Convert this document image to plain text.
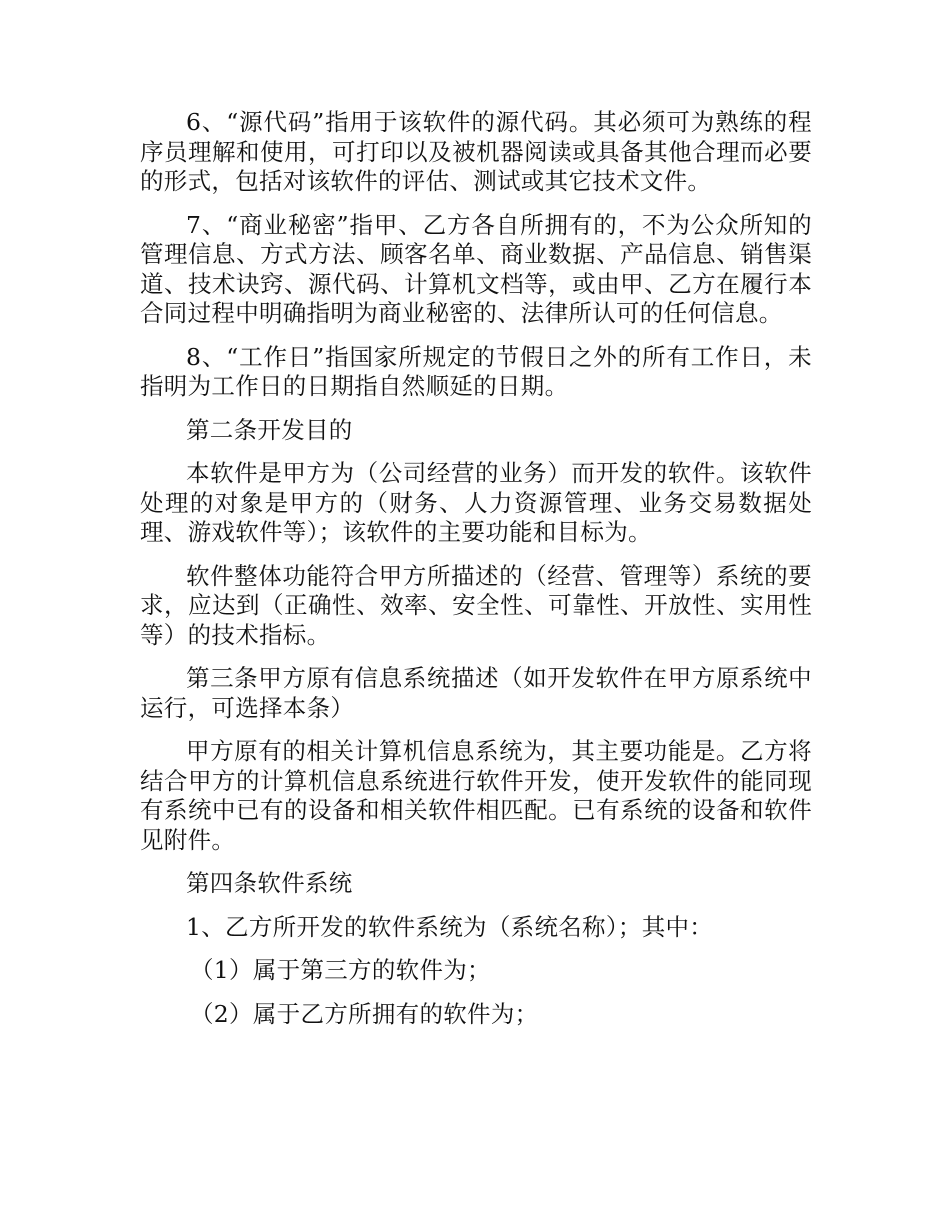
6、“源代码”指用于该软件的源代码。其必须可为熟练的程序员理解和使用，可打印以及被机器阅读或具备其他合理而必要的形式，包括对该软件的评估、测试或其它技术文件。

7、“商业秘密”指甲、乙方各自所拥有的，不为公众所知的管理信息、方式方法、顾客名单、商业数据、产品信息、销售渠道、技术诀窍、源代码、计算机文档等，或由甲、乙方在履行本合同过程中明确指明为商业秘密的、法律所认可的任何信息。

8、“工作日”指国家所规定的节假日之外的所有工作日，未指明为工作日的日期指自然顺延的日期。

第二条开发目的

本软件是甲方为（公司经营的业务）而开发的软件。该软件处理的对象是甲方的（财务、人力资源管理、业务交易数据处理、游戏软件等）；该软件的主要功能和目标为。

软件整体功能符合甲方所描述的（经营、管理等）系统的要求，应达到（正确性、效率、安全性、可靠性、开放性、实用性等）的技术指标。

第三条甲方原有信息系统描述（如开发软件在甲方原系统中运行，可选择本条）

甲方原有的相关计算机信息系统为，其主要功能是。乙方将结合甲方的计算机信息系统进行软件开发，使开发软件的能同现有系统中已有的设备和相关软件相匹配。已有系统的设备和软件见附件。

第四条软件系统

1、乙方所开发的软件系统为（系统名称）；其中：

（1）属于第三方的软件为；

（2）属于乙方所拥有的软件为；
